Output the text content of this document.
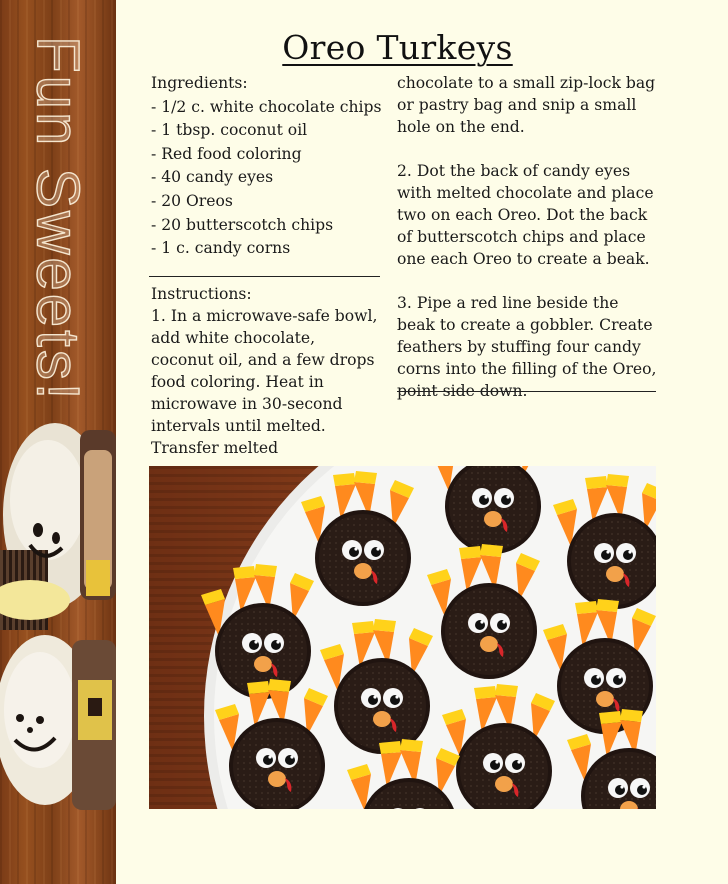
Fun Sweets!	Oreo Turkeys
Ingredients:
- 1/2 c. white chocolate chips
- 1 tbsp. coconut oil
- Red food coloring
- 40 candy eyes
- 20 Oreos
- 20 butterscotch chips
- 1 c. candy corns
Instructions:
1. In a microwave-safe bowl, add white chocolate, coconut oil, and a few drops food coloring. Heat in microwave in 30-second intervals until melted. Transfer melted

chocolate to a small zip-lock bag or pastry bag and snip a small hole on the end.

2. Dot the back of candy eyes with melted chocolate and place two on each Oreo. Dot the back of butterscotch chips and place one each Oreo to create a beak.

3. Pipe a red line beside the beak to create a gobbler. Create feathers by stuffing four candy corns into the filling of the Oreo, point side down.
